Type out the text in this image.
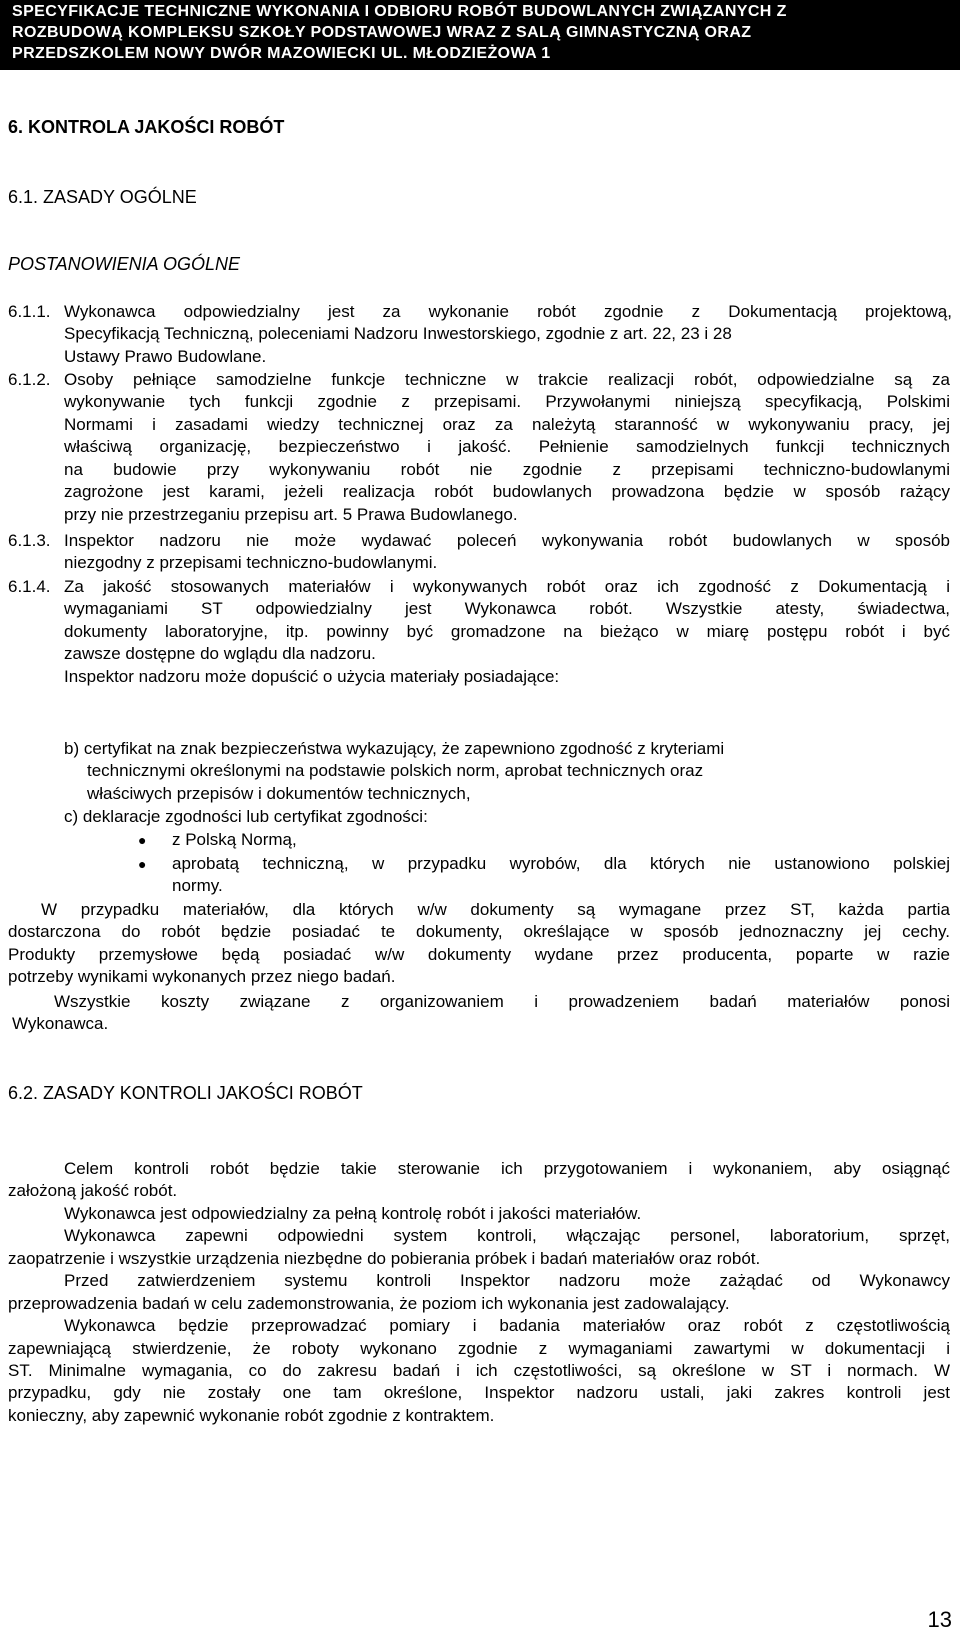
SPECYFIKACJE TECHNICZNE WYKONANIA I ODBIORU ROBÓT BUDOWLANYCH ZWIĄZANYCH Z
ROZBUDOWĄ KOMPLEKSU SZKOŁY PODSTAWOWEJ WRAZ Z SALĄ GIMNASTYCZNĄ ORAZ
PRZEDSZKOLEM NOWY DWÓR MAZOWIECKI UL. MŁODZIEŻOWA 1
6. KONTROLA JAKOŚCI ROBÓT
6.1. ZASADY OGÓLNE
POSTANOWIENIA OGÓLNE
6.1.1. Wykonawca odpowiedzialny jest za wykonanie robót zgodnie z Dokumentacją projektową,
Specyfikacją Techniczną, poleceniami Nadzoru Inwestorskiego, zgodnie z art. 22, 23 i 28
Ustawy Prawo Budowlane.
6.1.2. Osoby pełniące samodzielne funkcje techniczne w trakcie realizacji robót, odpowiedzialne są za
wykonywanie tych funkcji zgodnie z przepisami. Przywołanymi niniejszą specyfikacją, Polskimi
Normami i zasadami wiedzy technicznej oraz za należytą staranność w wykonywaniu pracy, jej
właściwą organizację, bezpieczeństwo i jakość. Pełnienie samodzielnych funkcji technicznych
na budowie przy wykonywaniu robót nie zgodnie z przepisami techniczno-budowlanymi
zagrożone jest karami, jeżeli realizacja robót budowlanych prowadzona będzie w sposób rażący
przy nie przestrzeganiu przepisu art. 5 Prawa Budowlanego.
6.1.3. Inspektor nadzoru nie może wydawać poleceń wykonywania robót budowlanych w sposób
niezgodny z przepisami techniczno-budowlanymi.
6.1.4. Za jakość stosowanych materiałów i wykonywanych robót oraz ich zgodność z Dokumentacją i
wymaganiami ST odpowiedzialny jest Wykonawca robót. Wszystkie atesty, świadectwa,
dokumenty laboratoryjne, itp. powinny być gromadzone na bieżąco w miarę postępu robót i być
zawsze dostępne do wglądu dla nadzoru.
Inspektor nadzoru może dopuścić o użycia materiały posiadające:
b) certyfikat na znak bezpieczeństwa wykazujący, że zapewniono zgodność z kryteriami
technicznymi określonymi na podstawie polskich norm, aprobat technicznych oraz
właściwych przepisów i dokumentów technicznych,
c) deklaracje zgodności lub certyfikat zgodności:
● z Polską Normą,
● aprobatą techniczną, w przypadku wyrobów, dla których nie ustanowiono polskiej
normy.
W przypadku materiałów, dla których w/w dokumenty są wymagane przez ST, każda partia
dostarczona do robót będzie posiadać te dokumenty, określające w sposób jednoznaczny jej cechy.
Produkty przemysłowe będą posiadać w/w dokumenty wydane przez producenta, poparte w razie
potrzeby wynikami wykonanych przez niego badań.
Wszystkie koszty związane z organizowaniem i prowadzeniem badań materiałów ponosi
Wykonawca.
6.2. ZASADY KONTROLI JAKOŚCI ROBÓT
Celem kontroli robót będzie takie sterowanie ich przygotowaniem i wykonaniem, aby osiągnąć
założoną jakość robót.
Wykonawca jest odpowiedzialny za pełną kontrolę robót i jakości materiałów.
Wykonawca zapewni odpowiedni system kontroli, włączając personel, laboratorium, sprzęt,
zaopatrzenie i wszystkie urządzenia niezbędne do pobierania próbek i badań materiałów oraz robót.
Przed zatwierdzeniem systemu kontroli Inspektor nadzoru może zażądać od Wykonawcy
przeprowadzenia badań w celu zademonstrowania, że poziom ich wykonania jest zadowalający.
Wykonawca będzie przeprowadzać pomiary i badania materiałów oraz robót z częstotliwością
zapewniającą stwierdzenie, że roboty wykonano zgodnie z wymaganiami zawartymi w dokumentacji i
ST. Minimalne wymagania, co do zakresu badań i ich częstotliwości, są określone w ST i normach. W
przypadku, gdy nie zostały one tam określone, Inspektor nadzoru ustali, jaki zakres kontroli jest
konieczny, aby zapewnić wykonanie robót zgodnie z kontraktem.
13
